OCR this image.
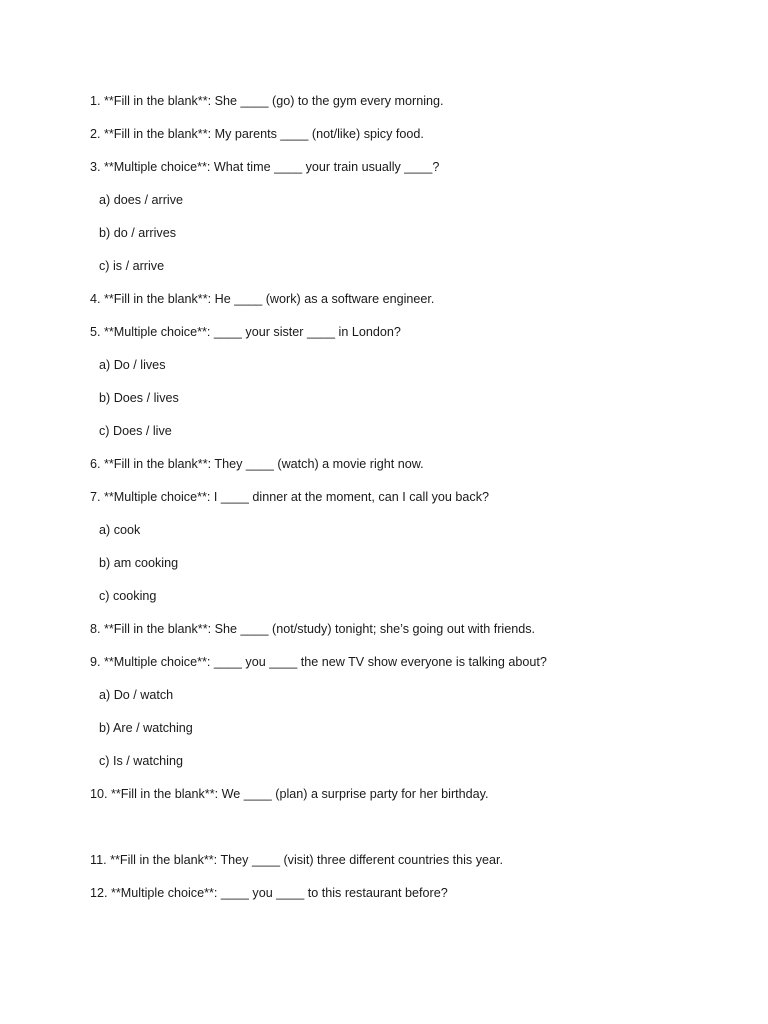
1. **Fill in the blank**: She ____ (go) to the gym every morning.
2. **Fill in the blank**: My parents ____ (not/like) spicy food.
3. **Multiple choice**: What time ____ your train usually ____?
a) does / arrive
b) do / arrives
c) is / arrive
4. **Fill in the blank**: He ____ (work) as a software engineer.
5. **Multiple choice**: ____ your sister ____ in London?
a) Do / lives
b) Does / lives
c) Does / live
6. **Fill in the blank**: They ____ (watch) a movie right now.
7. **Multiple choice**: I ____ dinner at the moment, can I call you back?
a) cook
b) am cooking
c) cooking
8. **Fill in the blank**: She ____ (not/study) tonight; she’s going out with friends.
9. **Multiple choice**: ____ you ____ the new TV show everyone is talking about?
a) Do / watch
b) Are / watching
c) Is / watching
10. **Fill in the blank**: We ____ (plan) a surprise party for her birthday.
11. **Fill in the blank**: They ____ (visit) three different countries this year.
12. **Multiple choice**: ____ you ____ to this restaurant before?
